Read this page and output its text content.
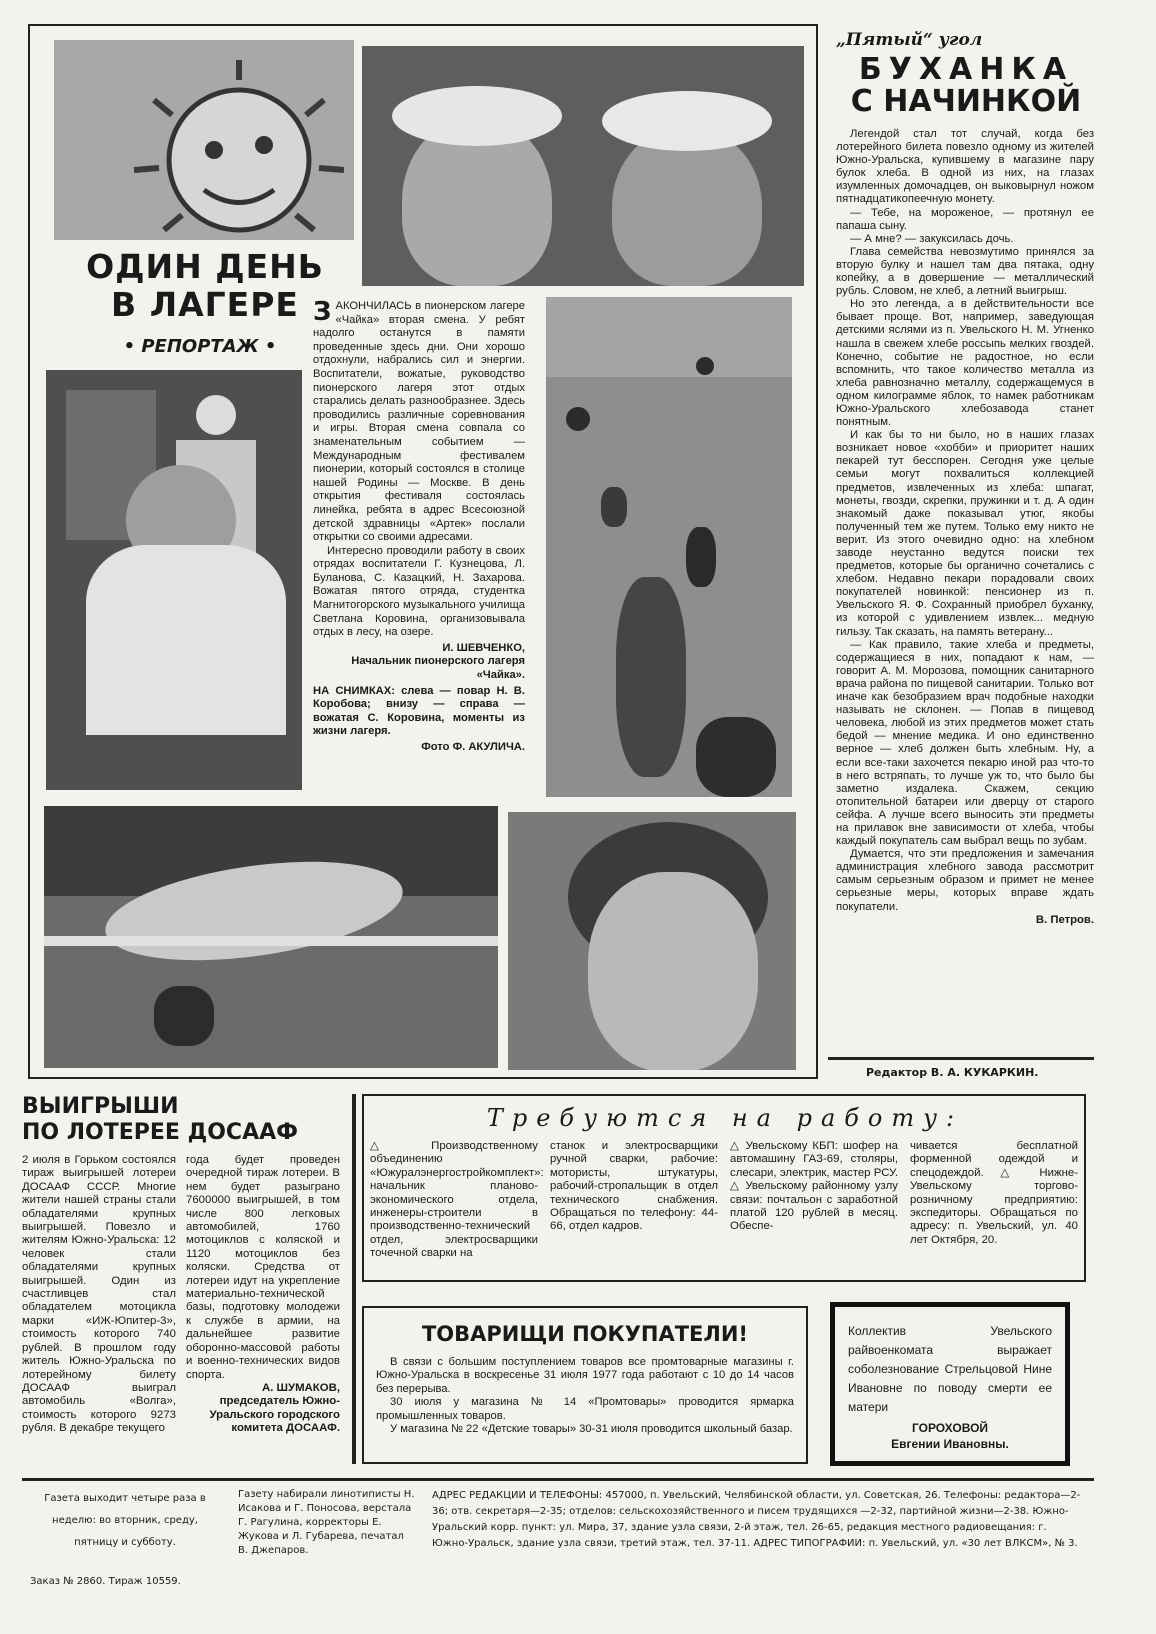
ОДИН ДЕНЬ
В ЛАГЕРЕ
• РЕПОРТАЖ •

ЗАКОНЧИЛАСЬ в пионерском лагере «Чайка» вторая смена. У ребят надолго останутся в памяти проведенные здесь дни. Они хорошо отдохнули, набрались сил и энергии. Воспитатели, вожатые, руководство пионерского лагеря этот отдых старались делать разнообразнее. Здесь проводились различные соревнования и игры. Вторая смена совпала со знаменательным событием — Международным фестивалем пионерии, который состоялся в столице нашей Родины — Москве. В день открытия фестиваля состоялась линейка, ребята в адрес Всесоюзной детской здравницы «Артек» послали открытки со своими адресами.

Интересно проводили работу в своих отрядах воспитатели Г. Кузнецова, Л. Буланова, С. Казацкий, Н. Захарова. Вожатая пятого отряда, студентка Магнитогорского музыкального училища Светлана Коровина, организовывала отдых в лесу, на озере.

И. ШЕВЧЕНКО,
Начальник пионерского лагеря «Чайка».
НА СНИМКАХ: слева — повар Н. В. Коробова; внизу — справа — вожатая С. Коровина, моменты из жизни лагеря.
Фото Ф. АКУЛИЧА.
„Пятый“ угол
БУХАНКА
С НАЧИНКОЙ

Легендой стал тот случай, когда без лотерейного билета повезло одному из жителей Южно-Уральска, купившему в магазине пару булок хлеба. В одной из них, на глазах изумленных домочадцев, он выковырнул ножом пятнадцатикопеечную монету.

— Тебе, на мороженое, — протянул ее папаша сыну.

— А мне? — закуксилась дочь.

Глава семейства невозмутимо принялся за вторую булку и нашел там два пятака, одну копейку, а в довершение — металлический рубль. Словом, не хлеб, а летний выигрыш.

Но это легенда, а в действительности все бывает проще. Вот, например, заведующая детскими яслями из п. Увельского Н. М. Угненко нашла в свежем хлебе россыпь мелких гвоздей. Конечно, событие не радостное, но если вспомнить, что такое количество металла из хлеба равнозначно металлу, содержащемуся в одном килограмме яблок, то намек работникам Южно-Уральского хлебозавода станет понятным.

И как бы то ни было, но в наших глазах возникает новое «хобби» и приоритет наших пекарей тут бесспорен. Сегодня уже целые семьи могут похвалиться коллекцией предметов, извлеченных из хлеба: шпагат, монеты, гвозди, скрепки, пружинки и т. д. А один знакомый даже показывал утюг, якобы полученный тем же путем. Только ему никто не верит. Из этого очевидно одно: на хлебном заводе неустанно ведутся поиски тех предметов, которые бы органично сочетались с хлебом. Недавно пекари порадовали своих покупателей новинкой: пенсионер из п. Увельского Я. Ф. Сохранный приобрел буханку, из которой с удивлением извлек... медную гильзу. Так сказать, на память ветерану...

— Как правило, такие хлеба и предметы, содержащиеся в них, попадают к нам, — говорит А. М. Морозова, помощник санитарного врача района по пищевой санитарии. Только вот иначе как безобразием врач подобные находки называть не склонен. — Попав в пищевод человека, любой из этих предметов может стать бедой — мнение медика. И оно единственно верное — хлеб должен быть хлебным. Ну, а если все-таки захочется пекарю иной раз что-то в него встряпать, то лучше уж то, что было бы заметно издалека. Скажем, секцию отопительной батареи или дверцу от старого сейфа. А лучше всего выносить эти предметы на прилавок вне зависимости от хлеба, чтобы каждый покупатель сам выбрал вещь по зубам.

Думается, что эти предложения и замечания администрация хлебного завода рассмотрит самым серьезным образом и примет не менее серьезные меры, которых вправе ждать покупатели.

В. Петров.
Редактор В. А. КУКАРКИН.
ВЫИГРЫШИ
ПО ЛОТЕРЕЕ ДОСААФ
2 июля в Горьком состоялся тираж выигрышей лотереи ДОСААФ СССР. Многие жители нашей страны стали обладателями крупных выигрышей. Повезло и жителям Южно-Уральска: 12 человек стали обладателями крупных выигрышей. Один из счастливцев стал обладателем мотоцикла марки «ИЖ-Юпитер-3», стоимость которого 740 рублей. В прошлом году житель Южно-Уральска по лотерейному билету ДОСААФ выиграл автомобиль «Волга», стоимость которого 9273 рубля. В декабре текущего
года будет проведен очередной тираж лотереи. В нем будет разыграно 7600000 выигрышей, в том числе 800 легковых автомобилей, 1760 мотоциклов с коляской и 1120 мотоциклов без коляски. Средства от лотереи идут на укрепление материально-технической базы, подготовку молодежи к службе в армии, на дальнейшее развитие оборонно-массовой работы и военно-технических видов спорта.
А. ШУМАКОВ,
председатель Южно-Уральского городского комитета ДОСААФ.
Требуются на работу:
△ Производственному объединению «Южуралэнергостройкомплект»: начальник планово-экономического отдела, инженеры-строители в производственно-технический отдел, электросварщики точечной сварки на
станок и электросварщики ручной сварки, рабочие: мотористы, штукатуры, рабочий-стропальщик в отдел технического снабжения. Обращаться по телефону: 44-66, отдел кадров.
△ Увельскому КБП: шофер на автомашину ГАЗ-69, столяры, слесари, электрик, мастер РСУ. △ Увельскому районному узлу связи: почтальон с заработной платой 120 рублей в месяц. Обеспе-
чивается бесплатной форменной одеждой и спецодеждой. △ Нижне-Увельскому торгово-розничному предприятию: экспедиторы. Обращаться по адресу: п. Увельский, ул. 40 лет Октября, 20.
ТОВАРИЩИ ПОКУПАТЕЛИ!

В связи с большим поступлением товаров все промтоварные магазины г. Южно-Уральска в воскресенье 31 июля 1977 года работают с 10 до 14 часов без перерыва.

30 июля у магазина № 14 «Промтовары» проводится ярмарка промышленных товаров.

У магазина № 22 «Детские товары» 30-31 июля проводится школьный базар.

Коллектив Увельского райвоенкомата выражает соболезнование Стрельцовой Нине Ивановне по поводу смерти ее матери
ГОРОХОВОЙ
Евгении Ивановны.
Газета выходит четыре раза в неделю: во вторник, среду, пятницу и субботу.
Заказ № 2860. Тираж 10559.
Газету набирали линотиписты Н. Исакова и Г. Поносова, верстала Г. Рагулина, корректоры Е. Жукова и Л. Губарева, печатал В. Джепаров.
АДРЕС РЕДАКЦИИ И ТЕЛЕФОНЫ: 457000, п. Увельский, Челябинской области, ул. Советская, 26. Телефоны: редактора—2-36; отв. секретаря—2-35; отделов: сельскохозяйственного и писем трудящихся —2-32, партийной жизни—2-38. Южно-Уральский корр. пункт: ул. Мира, 37, здание узла связи, 2-й этаж, тел. 26-65, редакция местного радиовещания: г. Южно-Уральск, здание узла связи, третий этаж, тел. 37-11. АДРЕС ТИПОГРАФИИ: п. Увельский, ул. «30 лет ВЛКСМ», № 3.
